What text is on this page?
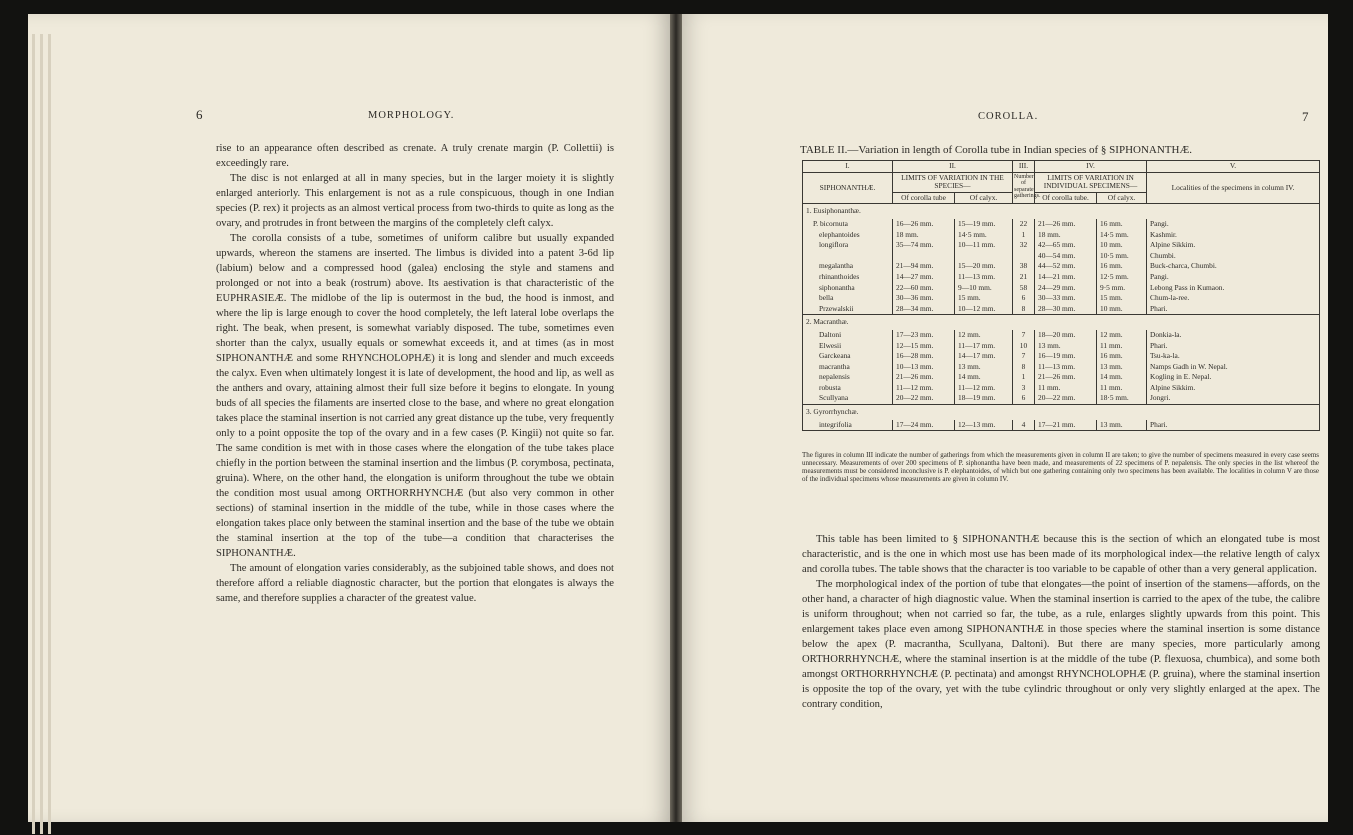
6	MORPHOLOGY.

rise to an appearance often described as crenate. A truly crenate margin (P. Collettii) is exceedingly rare.

The disc is not enlarged at all in many species, but in the larger moiety it is slightly enlarged anteriorly. This enlargement is not as a rule conspicuous, though in one Indian species (P. rex) it projects as an almost vertical process from two-thirds to quite as long as the ovary, and protrudes in front between the margins of the completely cleft calyx.

The corolla consists of a tube, sometimes of uniform calibre but usually expanded upwards, whereon the stamens are inserted. The limbus is divided into a patent 3-6d lip (labium) below and a compressed hood (galea) enclosing the style and stamens and prolonged or not into a beak (rostrum) above. Its aestivation is that characteristic of the EUPHRASIEÆ. The midlobe of the lip is outermost in the bud, the hood is inmost, and where the lip is large enough to cover the hood completely, the left lateral lobe overlaps the right. The beak, when present, is somewhat variably disposed. The tube, sometimes even shorter than the calyx, usually equals or somewhat exceeds it, and at times (as in most SIPHONANTHÆ and some RHYNCHOLOPHÆ) it is long and slender and much exceeds the calyx. Even when ultimately longest it is late of development, the hood and lip, as well as the anthers and ovary, attaining almost their full size before it begins to elongate. In young buds of all species the filaments are inserted close to the base, and where no great elongation takes place the staminal insertion is not carried any great distance up the tube, very frequently only to a point opposite the top of the ovary and in a few cases (P. Kingii) not quite so far. The same condition is met with in those cases where the elongation of the tube takes place chiefly in the portion between the staminal insertion and the limbus (P. corymbosa, pectinata, gruina). Where, on the other hand, the elongation is uniform throughout the tube we obtain the condition most usual among ORTHORRHYNCHÆ (but also very common in other sections) of staminal insertion in the middle of the tube, while in those cases where the elongation takes place only between the staminal insertion and the base of the tube we obtain the staminal insertion at the top of the tube—a condition that characterises the SIPHONANTHÆ.

The amount of elongation varies considerably, as the subjoined table shows, and does not therefore afford a reliable diagnostic character, but the portion that elongates is always the same, and therefore supplies a character of the greatest value.

COROLLA.	7
TABLE II.—Variation in length of Corolla tube in Indian species of § SIPHONANTHÆ.
I.	II.		III.	IV.		V.
SIPHONANTHÆ.	LIMITS OF VARIATION IN THE SPECIES—		Number of separate gatherings.	LIMITS OF VARIATION IN INDIVIDUAL SPECIMENS—		Localities of the specimens in column IV.
	Of corolla tube	Of calyx.		Of corolla tube.	Of calyx.	
1. Eusiphonanthæ.						
P. bicornuta	16—26 mm.	15—19 mm.	22	21—26 mm.	16 mm.	Pangi.
elephantoides	18 mm.	14·5 mm.	1	18 mm.	14·5 mm.	Kashmir.
longiflora	35—74 mm.	10—11 mm.	32	42—65 mm.	10 mm.	Alpine Sikkim.
				40—54 mm.	10·5 mm.	Chumbi.
megalantha	21—94 mm.	15—20 mm.	38	44—52 mm.	16 mm.	Buck-charca, Chumbi.
rhinanthoides	14—27 mm.	11—13 mm.	21	14—21 mm.	12·5 mm.	Pangi.
siphonantha	22—60 mm.	9—10 mm.	58	24—29 mm.	9·5 mm.	Lebong Pass in Kumaon.
bella	30—36 mm.	15 mm.	6	30—33 mm.	15 mm.	Chum-la-ree.
Przewalskii	28—34 mm.	10—12 mm.	8	28—30 mm.	10 mm.	Phari.
2. Macranthæ.						
Daltoni	17—23 mm.	12 mm.	7	18—20 mm.	12 mm.	Donkia-la.
Elwesii	12—15 mm.	11—17 mm.	10	13 mm.	11 mm.	Phari.
Garckeana	16—28 mm.	14—17 mm.	7	16—19 mm.	16 mm.	Tsu-ka-la.
macrantha	10—13 mm.	13 mm.	8	11—13 mm.	13 mm.	Namps Gadh in W. Nepal.
nepalensis	21—26 mm.	14 mm.	1	21—26 mm.	14 mm.	Kogling in E. Nepal.
robusta	11—12 mm.	11—12 mm.	3	11 mm.	11 mm.	Alpine Sikkim.
Scullyana	20—22 mm.	18—19 mm.	6	20—22 mm.	18·5 mm.	Jongri.
3. Gyrorrhynchæ.						
integrifolia	17—24 mm.	12—13 mm.	4	17—21 mm.	13 mm.	Phari.

The figures in column III indicate the number of gatherings from which the measurements given in column II are taken; to give the number of specimens measured in every case seems unnecessary. Measurements of over 200 specimens of P. siphonantha have been made, and measurements of 22 specimens of P. nepalensis. The only species in the list whereof the measurements must be considered inconclusive is P. elephantoides, of which but one gathering containing only two specimens has been available. The localities in column V are those of the individual specimens whose measurements are given in column IV.

This table has been limited to § SIPHONANTHÆ because this is the section of which an elongated tube is most characteristic, and is the one in which most use has been made of its morphological index—the relative length of calyx and corolla tubes. The table shows that the character is too variable to be capable of other than a very general application.

The morphological index of the portion of tube that elongates—the point of insertion of the stamens—affords, on the other hand, a character of high diagnostic value. When the staminal insertion is carried to the apex of the tube, the calibre is uniform throughout; when not carried so far, the tube, as a rule, enlarges slightly upwards from this point. This enlargement takes place even among SIPHONANTHÆ in those species where the staminal insertion is some distance below the apex (P. macrantha, Scullyana, Daltoni). But there are many species, more particularly among ORTHORRHYNCHÆ, where the staminal insertion is at the middle of the tube (P. flexuosa, chumbica), and some both amongst ORTHORRHYNCHÆ (P. pectinata) and amongst RHYNCHOLOPHÆ (P. gruina), where the staminal insertion is opposite the top of the ovary, yet with the tube cylindric throughout or only very slightly enlarged at the apex. The contrary condition,
